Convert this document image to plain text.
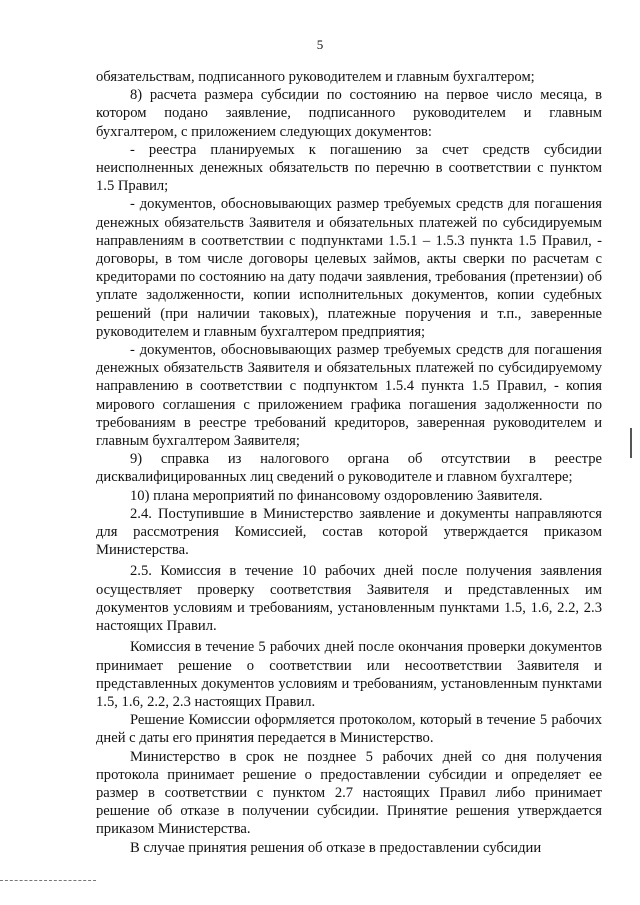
5

обязательствам, подписанного руководителем и главным бухгалтером;

8) расчета размера субсидии по состоянию на первое число месяца, в котором подано заявление, подписанного руководителем и главным бухгалтером, с приложением следующих документов:

- реестра планируемых к погашению за счет средств субсидии неисполненных денежных обязательств по перечню в соответствии с пунктом 1.5 Правил;

- документов, обосновывающих размер требуемых средств для погашения денежных обязательств Заявителя и обязательных платежей по субсидируемым направлениям в соответствии с подпунктами 1.5.1 – 1.5.3 пункта 1.5 Правил, - договоры, в том числе договоры целевых займов, акты сверки по расчетам с кредиторами по состоянию на дату подачи заявления, требования (претензии) об уплате задолженности, копии исполнительных документов, копии судебных решений (при наличии таковых), платежные поручения и т.п., заверенные руководителем и главным бухгалтером предприятия;

- документов, обосновывающих размер требуемых средств для погашения денежных обязательств Заявителя и обязательных платежей по субсидируемому направлению в соответствии с подпунктом 1.5.4 пункта 1.5 Правил, - копия мирового соглашения с приложением графика погашения задолженности по требованиям в реестре требований кредиторов, заверенная руководителем и главным бухгалтером Заявителя;

9) справка из налогового органа об отсутствии в реестре дисквалифицированных лиц сведений о руководителе и главном бухгалтере;

10) плана мероприятий по финансовому оздоровлению Заявителя.

2.4. Поступившие в Министерство заявление и документы направляются для рассмотрения Комиссией, состав которой утверждается приказом Министерства.

2.5. Комиссия в течение 10 рабочих дней после получения заявления осуществляет проверку соответствия Заявителя и представленных им документов условиям и требованиям, установленным пунктами 1.5, 1.6, 2.2, 2.3 настоящих Правил.

Комиссия в течение 5 рабочих дней после окончания проверки документов принимает решение о соответствии или несоответствии Заявителя и представленных документов условиям и требованиям, установленным пунктами 1.5, 1.6, 2.2, 2.3 настоящих Правил.

Решение Комиссии оформляется протоколом, который в течение 5 рабочих дней с даты его принятия передается в Министерство.

Министерство в срок не позднее 5 рабочих дней со дня получения протокола принимает решение о предоставлении субсидии и определяет ее размер в соответствии с пунктом 2.7 настоящих Правил либо принимает решение об отказе в получении субсидии. Принятие решения утверждается приказом Министерства.

В случае принятия решения об отказе в предоставлении субсидии
